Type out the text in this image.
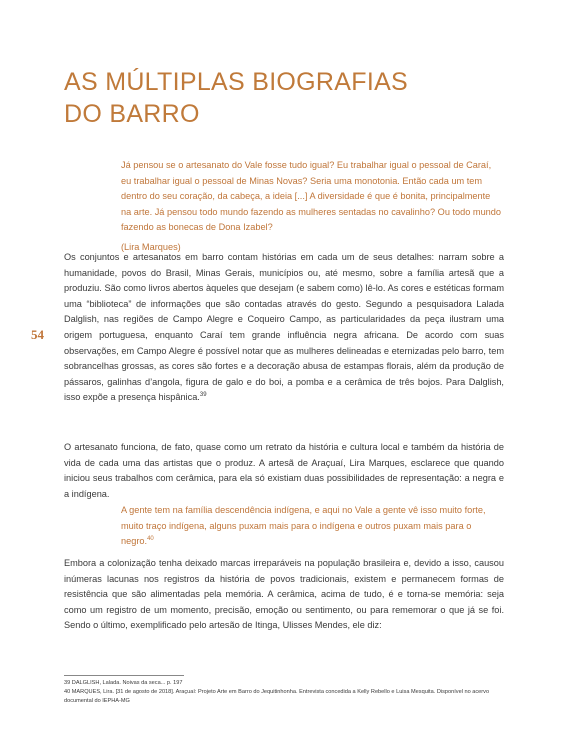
AS MÚLTIPLAS BIOGRAFIAS
DO BARRO

Já pensou se o artesanato do Vale fosse tudo igual? Eu trabalhar igual o pessoal de Caraí, eu trabalhar igual o pessoal de Minas Novas? Seria uma monotonia. Então cada um tem dentro do seu coração, da cabeça, a ideia [...] A diversidade é que é bonita, principalmente na arte. Já pensou todo mundo fazendo as mulheres sentadas no cavalinho? Ou todo mundo fazendo as bonecas de Dona Izabel?

(Lira Marques)

Os conjuntos e artesanatos em barro contam histórias em cada um de seus detalhes: narram sobre a humanidade, povos do Brasil, Minas Gerais, municípios ou, até mesmo, sobre a família artesã que a produziu. São como livros abertos àqueles que desejam (e sabem como) lê-lo. As cores e estéticas formam uma “biblioteca” de informações que são contadas através do gesto. Segundo a pesquisadora Lalada Dalglish, nas regiões de Campo Alegre e Coqueiro Campo, as particularidades da peça ilustram uma origem portuguesa, enquanto Caraí tem grande influência negra africana. De acordo com suas observações, em Campo Alegre é possível notar que as mulheres delineadas e eternizadas pelo barro, tem sobrancelhas grossas, as cores são fortes e a decoração abusa de estampas florais, além da produção de pássaros, galinhas d’angola, figura de galo e do boi, a pomba e a cerâmica de três bojos. Para Dalglish, isso expõe a presença hispânica.$^{39}$

54

O artesanato funciona, de fato, quase como um retrato da história e cultura local e também da história de vida de cada uma das artistas que o produz. A artesã de Araçuaí, Lira Marques, esclarece que quando iniciou seus trabalhos com cerâmica, para ela só existiam duas possibilidades de representação: a negra e a indígena.

A gente tem na família descendência indígena, e aqui no Vale a gente vê isso muito forte, muito traço indígena, alguns puxam mais para o indígena e outros puxam mais para o negro.$^{40}$

Embora a colonização tenha deixado marcas irreparáveis na população brasileira e, devido a isso, causou inúmeras lacunas nos registros da história de povos tradicionais, existem e permanecem formas de resistência que são alimentadas pela memória. A cerâmica, acima de tudo, é e torna-se memória: seja como um registro de um momento, precisão, emoção ou sentimento, ou para rememorar o que já se foi. Sendo o último, exemplificado pelo artesão de Itinga, Ulisses Mendes, ele diz:

39 DALGLISH, Lalada. Noivas da seca... p. 197
40 MARQUES, Lira. [31 de agosto de 2018]. Araçuaí: Projeto Arte em Barro do Jequitinhonha. Entrevista concedida a Kelly Rebello e Luisa Mesquita. Disponível no acervo documental do IEPHA-MG
